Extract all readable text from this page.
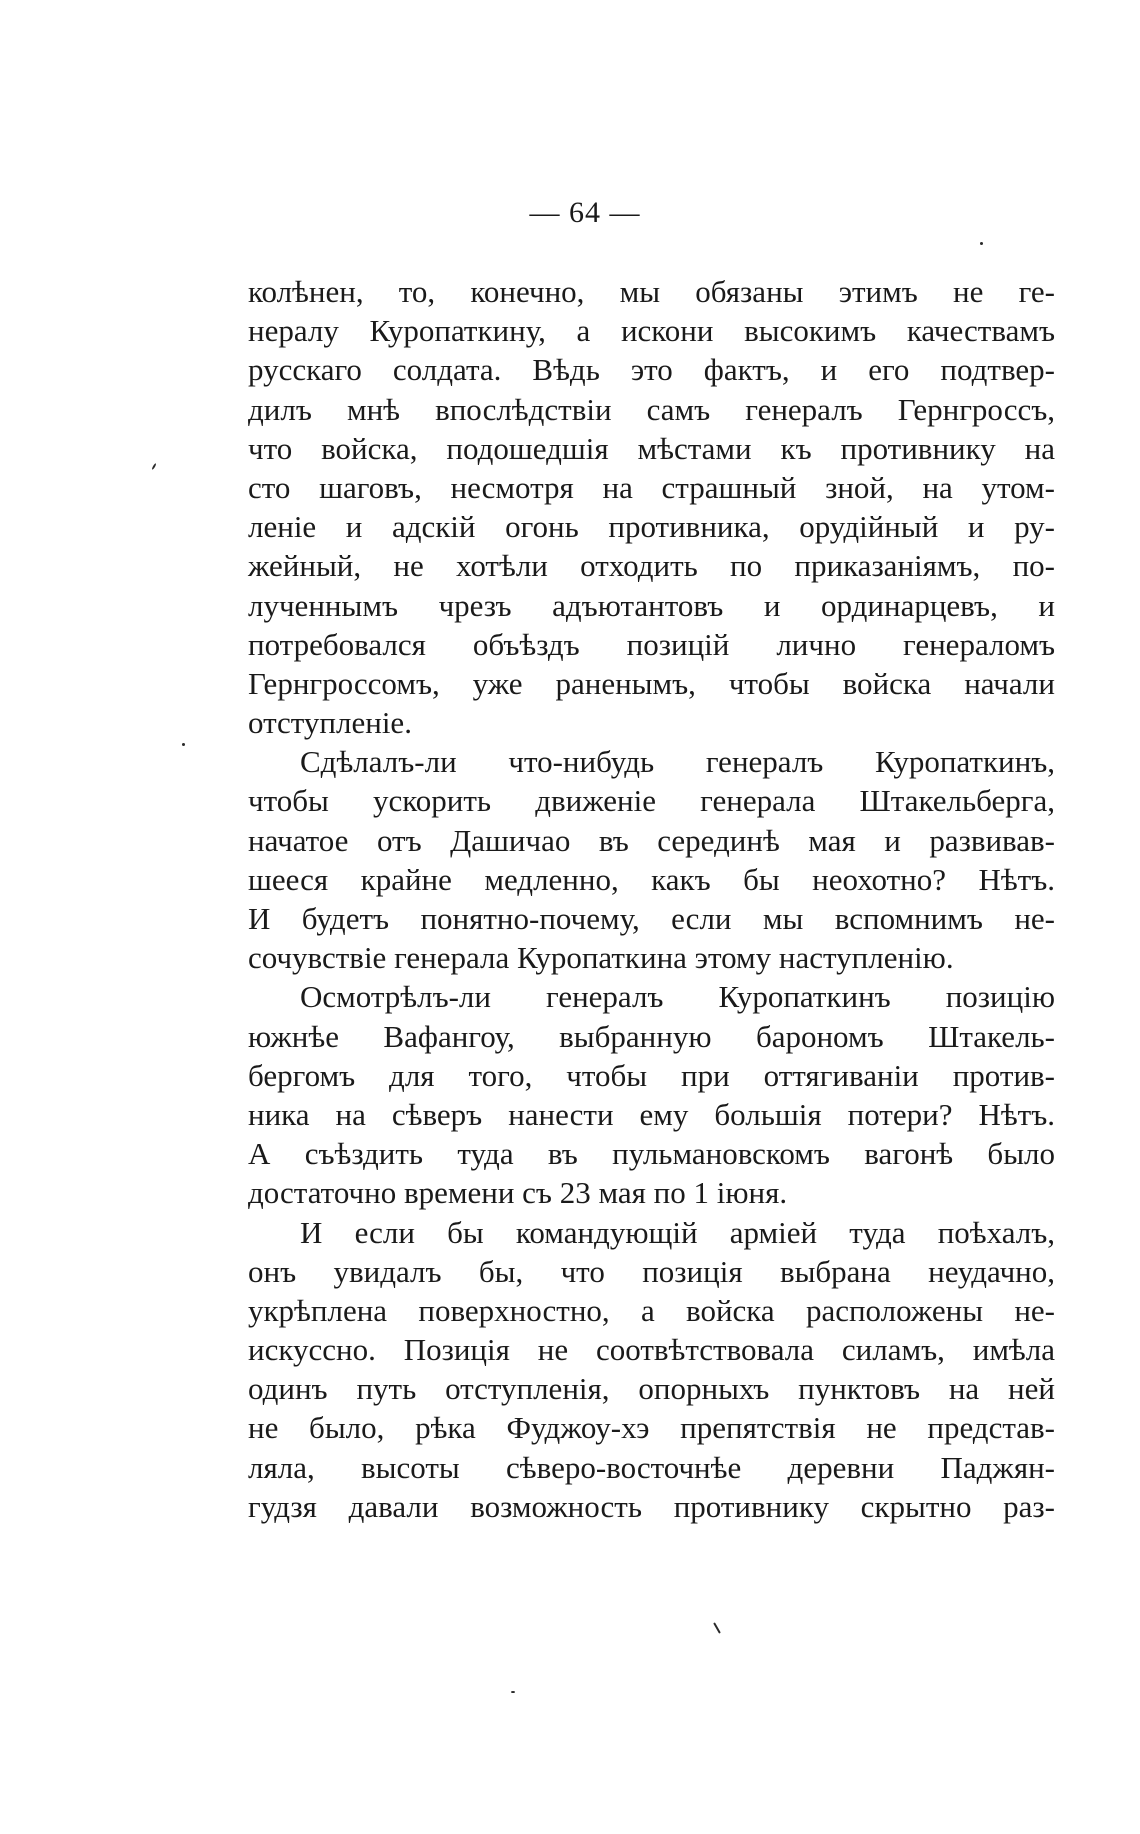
— 64 —
колѣнен, то, конечно, мы обязаны этимъ не ге-
нералу Куропаткину, а искони высокимъ качествамъ
русскаго солдата. Вѣдь это фактъ, и его подтвер-
дилъ мнѣ впослѣдствіи самъ генералъ Гернгроссъ,
что войска, подошедшія мѣстами къ противнику на
сто шаговъ, несмотря на страшный зной, на утом-
леніе и адскій огонь противника, орудійный и ру-
жейный, не хотѣли отходить по приказаніямъ, по-
лученнымъ чрезъ адъютантовъ и ординарцевъ, и
потребовался объѣздъ позицій лично генераломъ
Гернгроссомъ, уже раненымъ, чтобы войска начали
отступленіе.
Сдѣлалъ-ли что-нибудь генералъ Куропаткинъ,
чтобы ускорить движеніе генерала Штакельберга,
начатое отъ Дашичао въ серединѣ мая и развивав-
шееся крайне медленно, какъ бы неохотно? Нѣтъ.
И будетъ понятно-почему, если мы вспомнимъ не-
сочувствіе генерала Куропаткина этому наступленію.
Осмотрѣлъ-ли генералъ Куропаткинъ позицію
южнѣе Вафангоу, выбранную барономъ Штакель-
бергомъ для того, чтобы при оттягиваніи против-
ника на сѣверъ нанести ему большія потери? Нѣтъ.
А съѣздить туда въ пульмановскомъ вагонѣ было
достаточно времени съ 23 мая по 1 іюня.
И если бы командующій арміей туда поѣхалъ,
онъ увидалъ бы, что позиція выбрана неудачно,
укрѣплена поверхностно, а войска расположены не-
искуссно. Позиція не соотвѣтствовала силамъ, имѣла
одинъ путь отступленія, опорныхъ пунктовъ на ней
не было, рѣка Фуджоу-хэ препятствія не представ-
ляла, высоты сѣверо-восточнѣе деревни Паджян-
гудзя давали возможность противнику скрытно раз-
